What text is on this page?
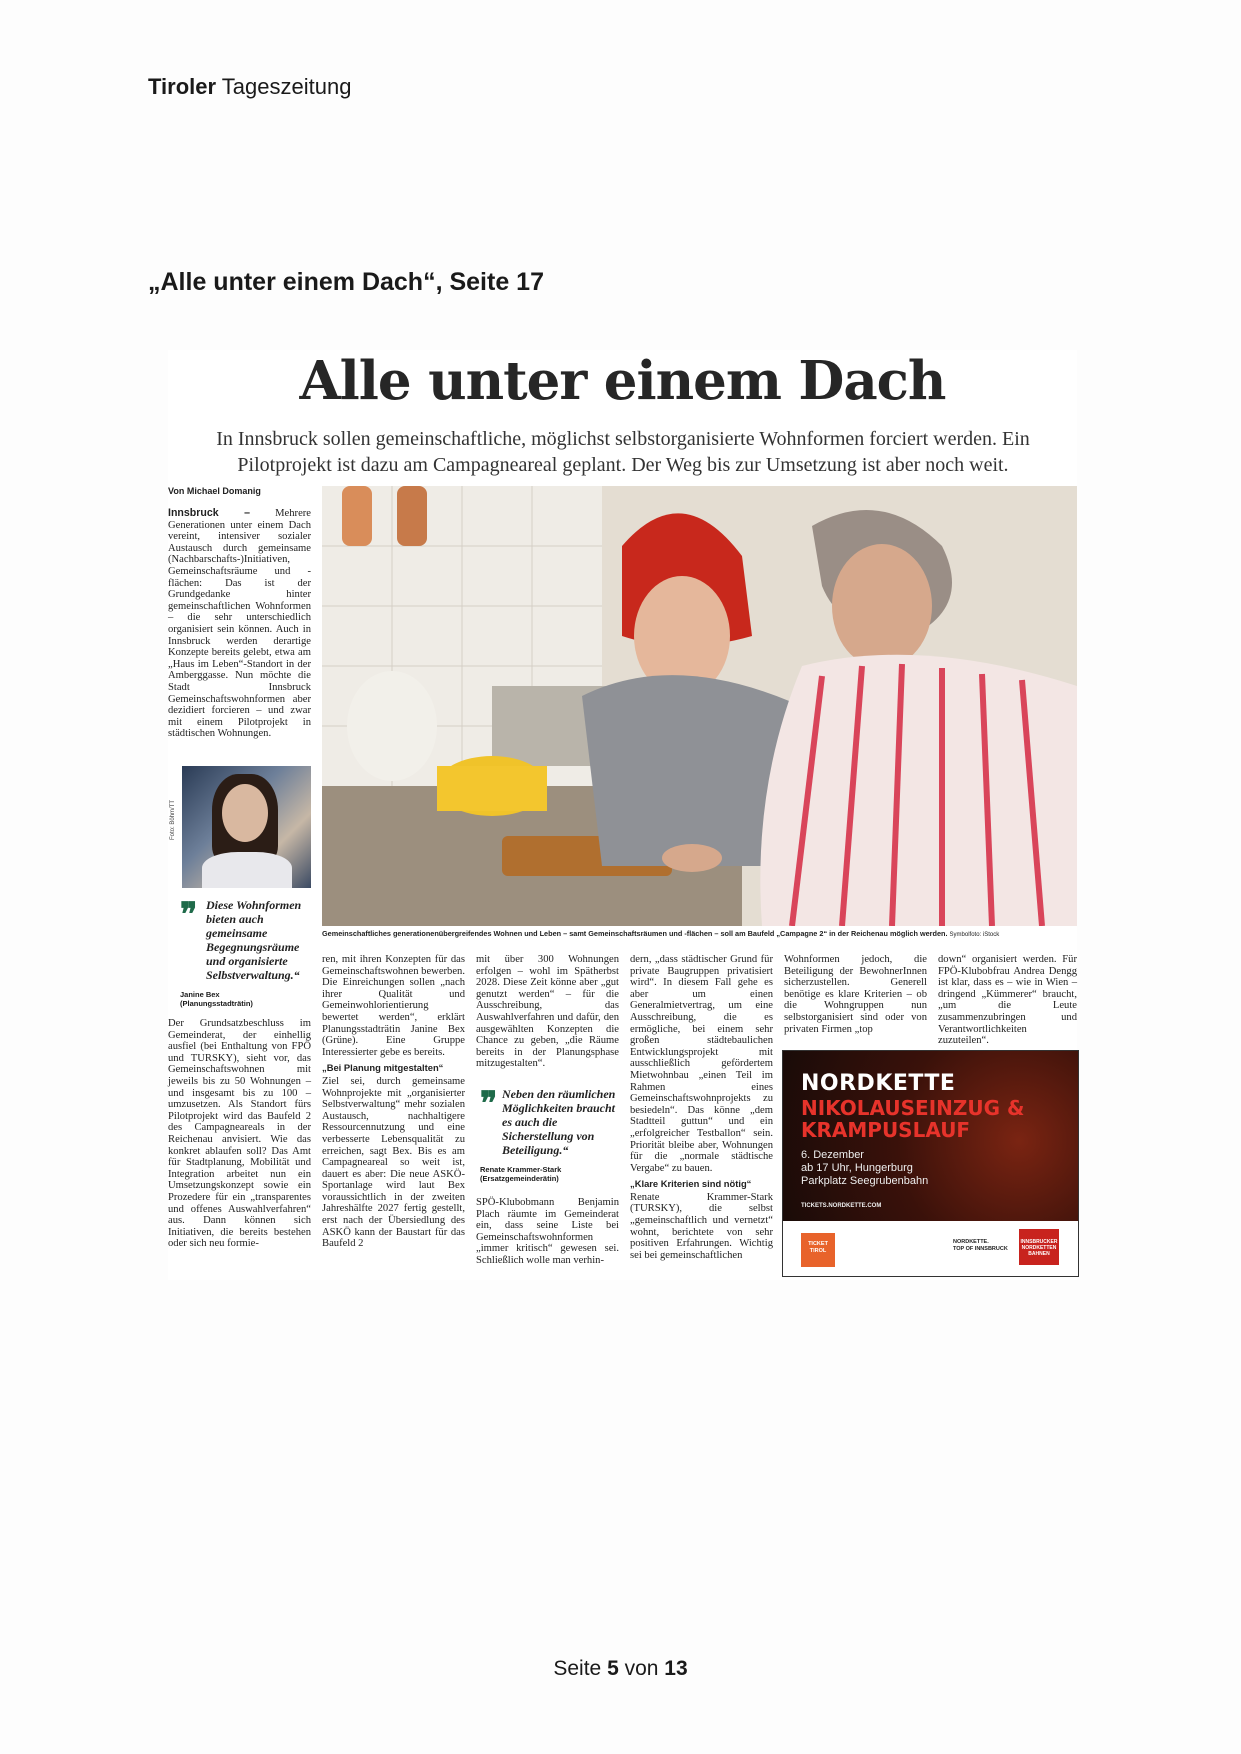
Tiroler Tageszeitung
„Alle unter einem Dach“, Seite 17
Alle unter einem Dach
In Innsbruck sollen gemeinschaftliche, möglichst selbstorganisierte Wohnformen forciert werden. Ein Pilotprojekt ist dazu am Campagneareal geplant. Der Weg bis zur Umsetzung ist aber noch weit.
Von Michael Domanig
Innsbruck – Mehrere Generationen unter einem Dach vereint, intensiver sozialer Austausch durch gemeinsame (Nachbarschafts-)Initiativen, Gemeinschaftsräume und -flächen: Das ist der Grundgedanke hinter gemeinschaftlichen Wohnformen – die sehr unterschiedlich organisiert sein können. Auch in Innsbruck werden derartige Konzepte bereits gelebt, etwa am „Haus im Leben“-Standort in der Amberggasse. Nun möchte die Stadt Innsbruck Gemeinschaftswohnformen aber dezidiert forcieren – und zwar mit einem Pilotprojekt in städtischen Wohnungen.
Foto: Böhm/TT
❞ Diese Wohnformen bieten auch gemeinsame Begegnungsräume und organisierte Selbstverwaltung.“
Janine Bex
(Planungsstadträtin)
Der Grundsatzbeschluss im Gemeinderat, der einhellig ausfiel (bei Enthaltung von FPÖ und TURSKY), sieht vor, das Gemeinschaftswohnen mit jeweils bis zu 50 Wohnungen – und insgesamt bis zu 100 – umzusetzen. Als Standort fürs Pilotprojekt wird das Baufeld 2 des Campagneareals in der Reichenau anvisiert. Wie das konkret ablaufen soll? Das Amt für Stadtplanung, Mobilität und Integration arbeitet nun ein Umsetzungskonzept sowie ein Prozedere für ein „transparentes und offenes Auswahlverfahren“ aus. Dann können sich Initiativen, die bereits bestehen oder sich neu formie-
Gemeinschaftliches generationenübergreifendes Wohnen und Leben – samt Gemeinschaftsräumen und -flächen – soll am Baufeld „Campagne 2“ in der Reichenau möglich werden. Symbolfoto: iStock
ren, mit ihren Konzepten für das Gemeinschaftswohnen bewerben. Die Einreichungen sollen „nach ihrer Qualität und Gemeinwohlorientierung bewertet werden“, erklärt Planungsstadträtin Janine Bex (Grüne). Eine Gruppe Interessierter gebe es bereits.
„Bei Planung mitgestalten“
Ziel sei, durch gemeinsame Wohnprojekte mit „organisierter Selbstverwaltung“ mehr sozialen Austausch, nachhaltigere Ressourcennutzung und eine verbesserte Lebensqualität zu erreichen, sagt Bex. Bis es am Campagneareal so weit ist, dauert es aber: Die neue ASKÖ-Sportanlage wird laut Bex voraussichtlich in der zweiten Jahreshälfte 2027 fertig gestellt, erst nach der Übersiedlung des ASKÖ kann der Baustart für das Baufeld 2
mit über 300 Wohnungen erfolgen – wohl im Spätherbst 2028. Diese Zeit könne aber „gut genutzt werden“ – für die Ausschreibung, das Auswahlverfahren und dafür, den ausgewählten Konzepten die Chance zu geben, „die Räume bereits in der Planungsphase mitzugestalten“.
❞ Neben den räumlichen Möglichkeiten braucht es auch die Sicherstellung von Beteiligung.“
Renate Krammer-Stark
(Ersatzgemeinderätin)
SPÖ-Klubobmann Benjamin Plach räumte im Gemeinderat ein, dass seine Liste bei Gemeinschaftswohnformen „immer kritisch“ gewesen sei. Schließlich wolle man verhin-
dern, „dass städtischer Grund für private Baugruppen privatisiert wird“. In diesem Fall gehe es aber um einen Generalmietvertrag, um eine Ausschreibung, die es ermögliche, bei einem sehr großen städtebaulichen Entwicklungsprojekt mit ausschließlich gefördertem Mietwohnbau „einen Teil im Rahmen eines Gemeinschaftswohnprojekts zu besiedeln“. Das könne „dem Stadtteil guttun“ und ein „erfolgreicher Testballon“ sein. Priorität bleibe aber, Wohnungen für die „normale städtische Vergabe“ zu bauen.
„Klare Kriterien sind nötig“
Renate Krammer-Stark (TURSKY), die selbst „gemeinschaftlich und vernetzt“ wohnt, berichtete von sehr positiven Erfahrungen. Wichtig sei bei gemeinschaftlichen
Wohnformen jedoch, die Beteiligung der BewohnerInnen sicherzustellen. Generell benötige es klare Kriterien – ob die Wohngruppen nun selbstorganisiert sind oder von privaten Firmen „top
down“ organisiert werden. Für FPÖ-Klubobfrau Andrea Dengg ist klar, dass es – wie in Wien – dringend „Kümmerer“ braucht, „um die Leute zusammenzubringen und Verantwortlichkeiten zuzuteilen“.
NORDKETTE
NIKOLAUSEINZUG & KRAMPUSLAUF
6. Dezember
ab 17 Uhr, Hungerburg
Parkplatz Seegrubenbahn
TICKETS.NORDKETTE.COM
TICKET TIROL
NORDKETTE.
TOP OF INNSBRUCK
INNSBRUCKER NORDKETTEN BAHNEN
Seite 5 von 13
